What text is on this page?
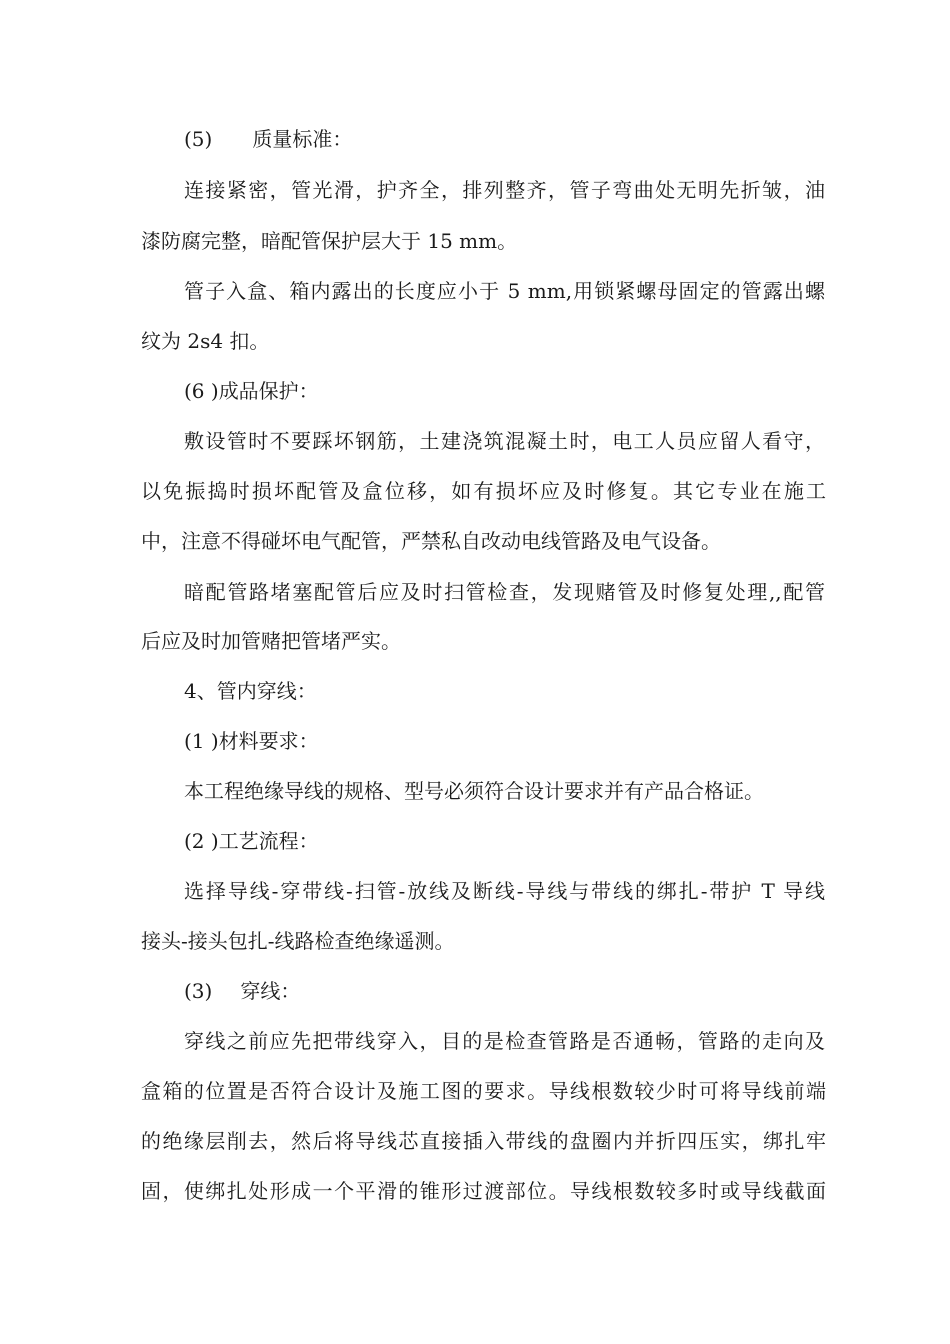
(5) 质量标准：
连接紧密，管光滑，护齐全，排列整齐，管子弯曲处无明先折皱，油
漆防腐完整，暗配管保护层大于 15 mm。
管子入盒、箱内露出的长度应小于 5 mm,用锁紧螺母固定的管露出螺
纹为 2s4 扣。
(6 )成品保护：
敷设管时不要踩坏钢筋，土建浇筑混凝土时，电工人员应留人看守，
以免振捣时损坏配管及盒位移，如有损坏应及时修复。其它专业在施工
中，注意不得碰坏电气配管，严禁私自改动电线管路及电气设备。
暗配管路堵塞配管后应及时扫管检查，发现赌管及时修复处理,,配管
后应及时加管赌把管堵严实。
4、管内穿线：
(1 )材料要求：
本工程绝缘导线的规格、型号必须符合设计要求并有产品合格证。
(2 )工艺流程：
选择导线-穿带线-扫管-放线及断线-导线与带线的绑扎-带护 T 导线
接头-接头包扎-线路检查绝缘遥测。
(3) 穿线：
穿线之前应先把带线穿入，目的是检查管路是否通畅，管路的走向及
盒箱的位置是否符合设计及施工图的要求。导线根数较少时可将导线前端
的绝缘层削去，然后将导线芯直接插入带线的盘圈内并折四压实，绑扎牢
固，使绑扎处形成一个平滑的锥形过渡部位。导线根数较多时或导线截面
